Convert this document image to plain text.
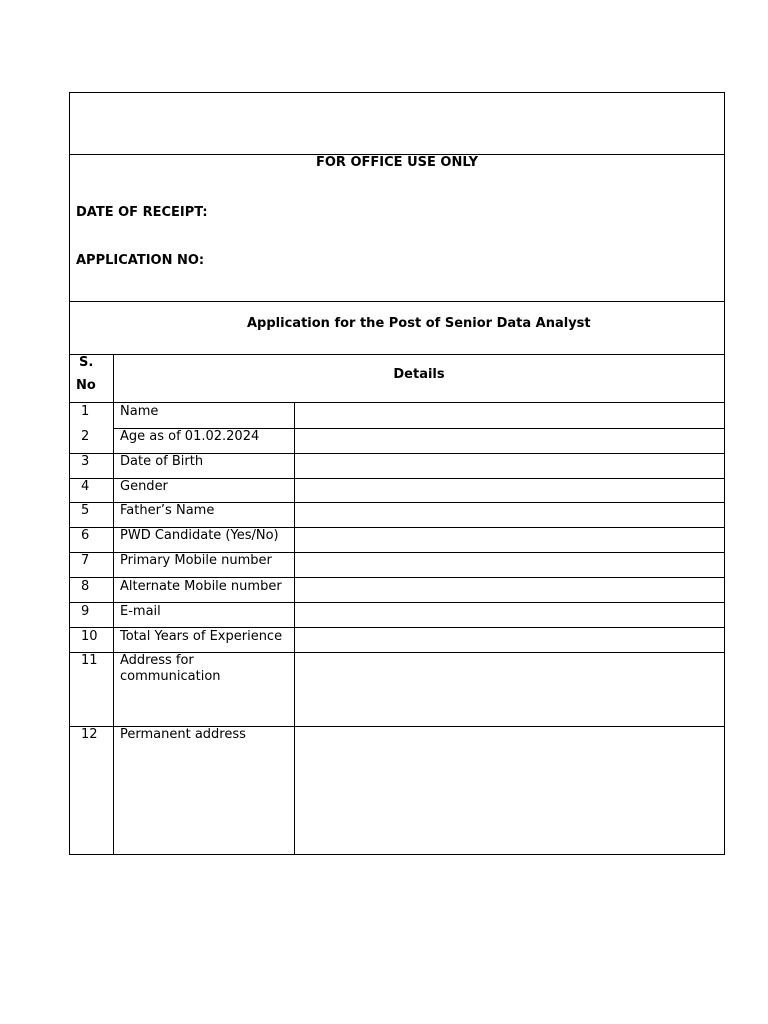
FOR OFFICE USE ONLY
DATE OF RECEIPT:
APPLICATION NO:
Application for the Post of Senior Data Analyst
S.
No
Details
1 Name
2 Age as of 01.02.2024
3 Date of Birth
4 Gender
5 Father’s Name
6 PWD Candidate (Yes/No)
7 Primary Mobile number
8 Alternate Mobile number
9 E-mail
10 Total Years of Experience
11 Address for
communication
12 Permanent address
